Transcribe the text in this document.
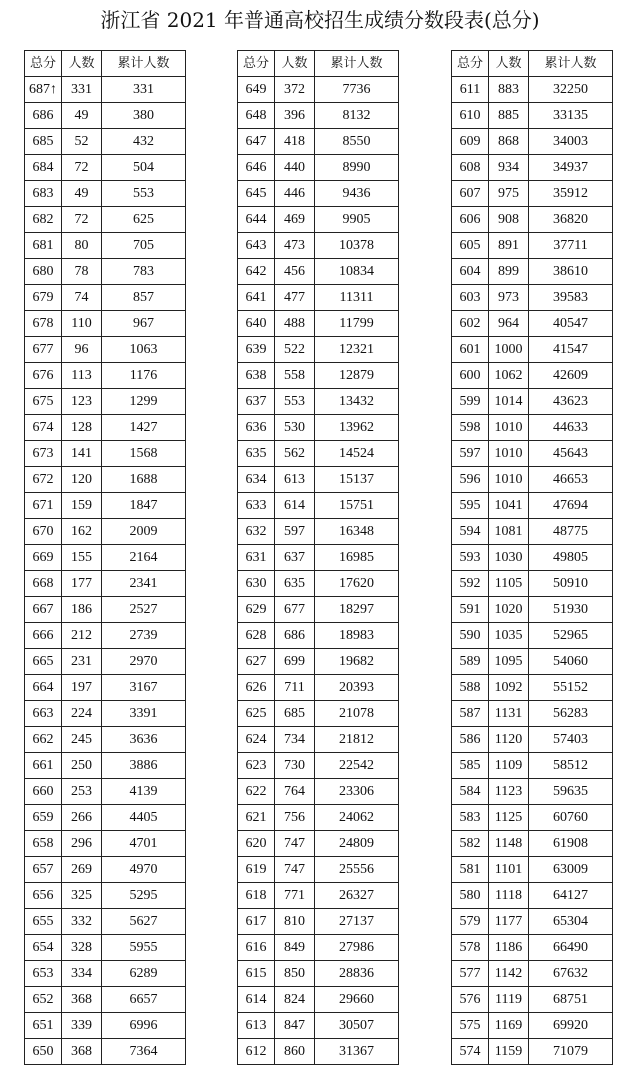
浙江省 2021 年普通高校招生成绩分数段表(总分)
总分	人数	累计人数
687↑	331	331
686	49	380
685	52	432
684	72	504
683	49	553
682	72	625
681	80	705
680	78	783
679	74	857
678	110	967
677	96	1063
676	113	1176
675	123	1299
674	128	1427
673	141	1568
672	120	1688
671	159	1847
670	162	2009
669	155	2164
668	177	2341
667	186	2527
666	212	2739
665	231	2970
664	197	3167
663	224	3391
662	245	3636
661	250	3886
660	253	4139
659	266	4405
658	296	4701
657	269	4970
656	325	5295
655	332	5627
654	328	5955
653	334	6289
652	368	6657
651	339	6996
650	368	7364
总分	人数	累计人数
649	372	7736
648	396	8132
647	418	8550
646	440	8990
645	446	9436
644	469	9905
643	473	10378
642	456	10834
641	477	11311
640	488	11799
639	522	12321
638	558	12879
637	553	13432
636	530	13962
635	562	14524
634	613	15137
633	614	15751
632	597	16348
631	637	16985
630	635	17620
629	677	18297
628	686	18983
627	699	19682
626	711	20393
625	685	21078
624	734	21812
623	730	22542
622	764	23306
621	756	24062
620	747	24809
619	747	25556
618	771	26327
617	810	27137
616	849	27986
615	850	28836
614	824	29660
613	847	30507
612	860	31367
总分	人数	累计人数
611	883	32250
610	885	33135
609	868	34003
608	934	34937
607	975	35912
606	908	36820
605	891	37711
604	899	38610
603	973	39583
602	964	40547
601	1000	41547
600	1062	42609
599	1014	43623
598	1010	44633
597	1010	45643
596	1010	46653
595	1041	47694
594	1081	48775
593	1030	49805
592	1105	50910
591	1020	51930
590	1035	52965
589	1095	54060
588	1092	55152
587	1131	56283
586	1120	57403
585	1109	58512
584	1123	59635
583	1125	60760
582	1148	61908
581	1101	63009
580	1118	64127
579	1177	65304
578	1186	66490
577	1142	67632
576	1119	68751
575	1169	69920
574	1159	71079
